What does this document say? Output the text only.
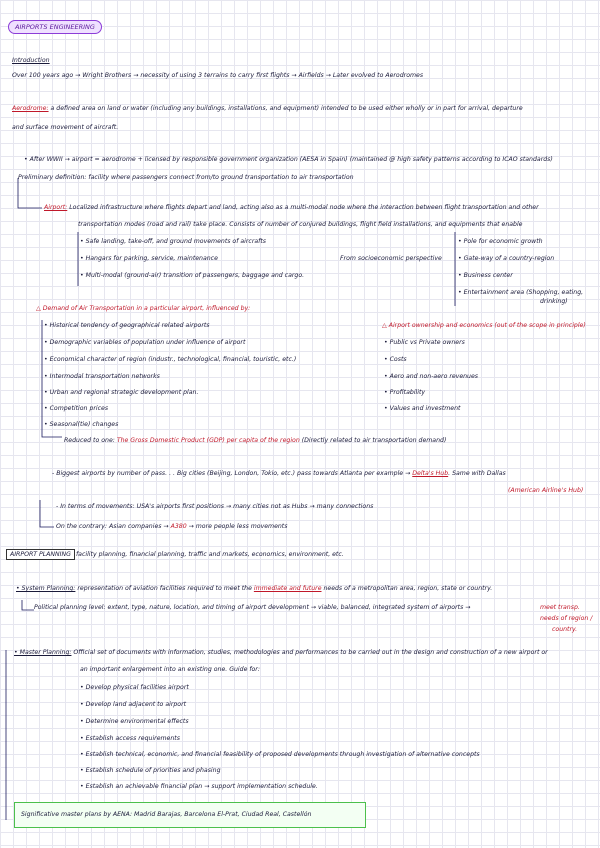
AIRPORTS ENGINEERING
Introduction
Over 100 years ago → Wright Brothers → necessity of using 3 terrains to carry first flights → Airfields → Later evolved to Aerodromes
Aerodrome: a defined area on land or water (including any buildings, installations, and equipment) intended to be used either wholly or in part for arrival, departure
and surface movement of aircraft.
• After WWII → airport = aerodrome + licensed by responsible government organization (AESA in Spain) (maintained @ high safety patterns according to ICAO standards)
Preliminary definition: facility where passengers connect from/to ground transportation to air transportation
Airport: Localized infrastructure where flights depart and land, acting also as a multi-modal node where the interaction between flight transportation and other
transportation modes (road and rail) take place. Consists of number of conjured buildings, flight field installations, and equipments that enable
• Safe landing, take-off, and ground movements of aircrafts
• Hangars for parking, service, maintenance
• Multi-modal (ground-air) transition of passengers, baggage and cargo.
From socioeconomic perspective
• Pole for economic growth
• Gate-way of a country-region
• Business center
• Entertainment area (Shopping, eating,
drinking)
△ Demand of Air Transportation in a particular airport, influenced by:
• Historical tendency of geographical related airports
• Demographic variables of population under influence of airport
• Economical character of region (industr., technological, financial, touristic, etc.)
• Intermodal transportation networks
• Urban and regional strategic development plan.
• Competition prices
• Seasonal(tie) changes
Reduced to one: The Gross Domestic Product (GDP) per capita of the region (Directly related to air transportation demand)
△ Airport ownership and economics (out of the scope in principle)
• Public vs Private owners
• Costs
• Aero and non-aero revenues
• Profitability
• Values and investment
- Biggest airports by number of pass. . . Big cities (Beijing, London, Tokio, etc.) pass towards Atlanta per example → Delta's Hub. Same with Dallas
(American Airline's Hub)
- In terms of movements: USA's airports first positions → many cities not as Hubs → many connections
On the contrary: Asian companies → A380 → more people less movements
AIRPORT PLANNING facility planning, financial planning, traffic and markets, economics, environment, etc.
• System Planning: representation of aviation facilities required to meet the immediate and future needs of a metropolitan area, region, state or country.
Political planning level: extent, type, nature, location, and timing of airport development → viable, balanced, integrated system of airports →	meet transp.
needs of region /
country.
• Master Planning: Official set of documents with information, studies, methodologies and performances to be carried out in the design and construction of a new airport or
an important enlargement into an existing one. Guide for:
• Develop physical facilities airport
• Develop land adjacent to airport
• Determine environmental effects
• Establish access requirements
• Establish technical, economic, and financial feasibility of proposed developments through investigation of alternative concepts
• Establish schedule of priorities and phasing
• Establish an achievable financial plan → support implementation schedule.
Significative master plans by AENA: Madrid Barajas, Barcelona El-Prat, Ciudad Real, Castellón
